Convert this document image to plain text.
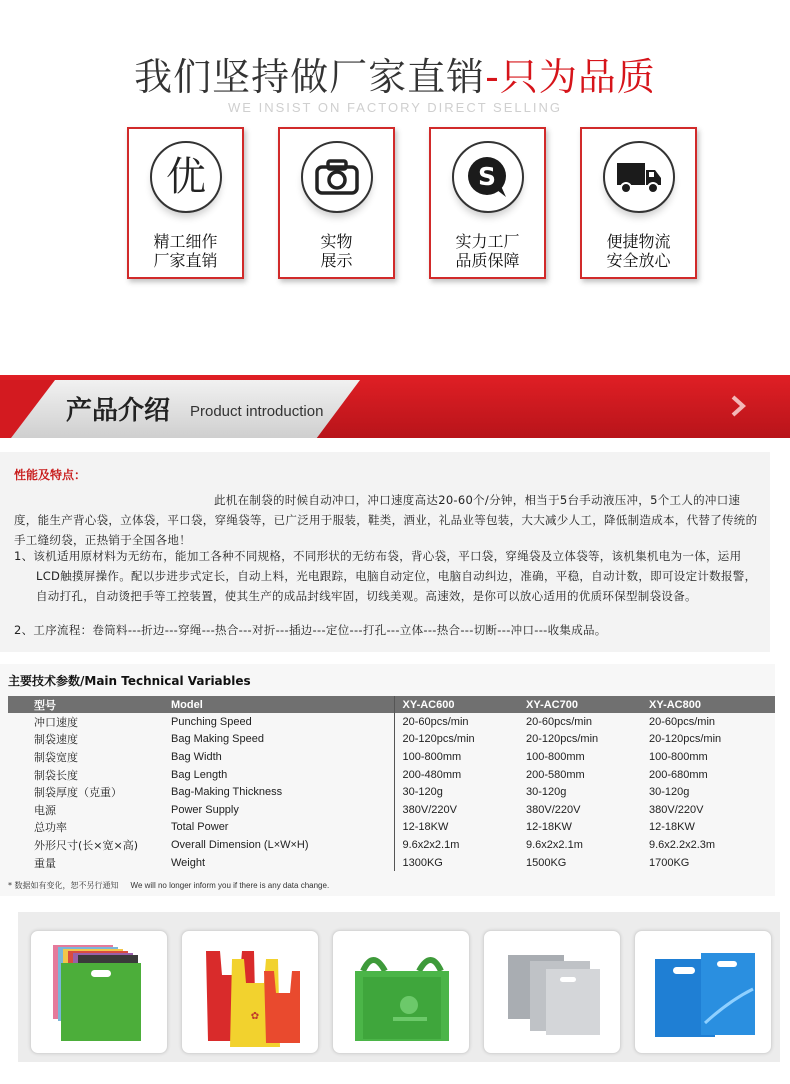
我们坚持做厂家直销-只为品质
WE INSIST ON FACTORY DIRECT SELLING
优
精工细作
厂家直销
实物
展示
S
实力工厂
品质保障
便捷物流
安全放心
产品介绍 Product introduction
性能及特点：
此机在制袋的时候自动冲口，冲口速度高达20-60个/分钟，相当于5台手动液压冲，5个工人的冲口速度，能生产背心袋，立体袋，平口袋，穿绳袋等，已广泛用于服装，鞋类，酒业，礼品业等包装，大大减少人工，降低制造成本，代替了传统的手工缝纫袋，正热销于全国各地！
1、该机适用原材料为无纺布，能加工各种不同规格，不同形状的无纺布袋，背心袋，平口袋，穿绳袋及立体袋等，该机集机电为一体，运用LCD触摸屏操作。配以步进步式定长，自动上料，光电跟踪，电脑自动定位，电脑自动纠边，准确，平稳，自动计数，即可设定计数报警，自动打孔，自动烫把手等工控装置，使其生产的成品封线牢固，切线美观。高速效，是你可以放心适用的优质环保型制袋设备。
2、工序流程：卷筒料---折边---穿绳---热合---对折---插边---定位---打孔---立体---热合---切断---冲口---收集成品。
主要技术参数/Main Technical Variables
型号	Model	XY-AC600	XY-AC700	XY-AC800
冲口速度	Punching Speed	20-60pcs/min	20-60pcs/min	20-60pcs/min
制袋速度	Bag Making Speed	20-120pcs/min	20-120pcs/min	20-120pcs/min
制袋宽度	Bag Width	100-800mm	100-800mm	100-800mm
制袋长度	Bag Length	200-480mm	200-580mm	200-680mm
制袋厚度（克重）	Bag-Making Thickness	30-120g	30-120g	30-120g
电源	Power Supply	380V/220V	380V/220V	380V/220V
总功率	Total Power	12-18KW	12-18KW	12-18KW
外形尺寸(长×宽×高)	Overall Dimension (L×W×H)	9.6x2x2.1m	9.6x2x2.1m	9.6x2.2x2.3m
重量	Weight	1300KG	1500KG	1700KG
* 数据如有变化，恕不另行通知 We will no longer inform you if there is any data change.
✿
